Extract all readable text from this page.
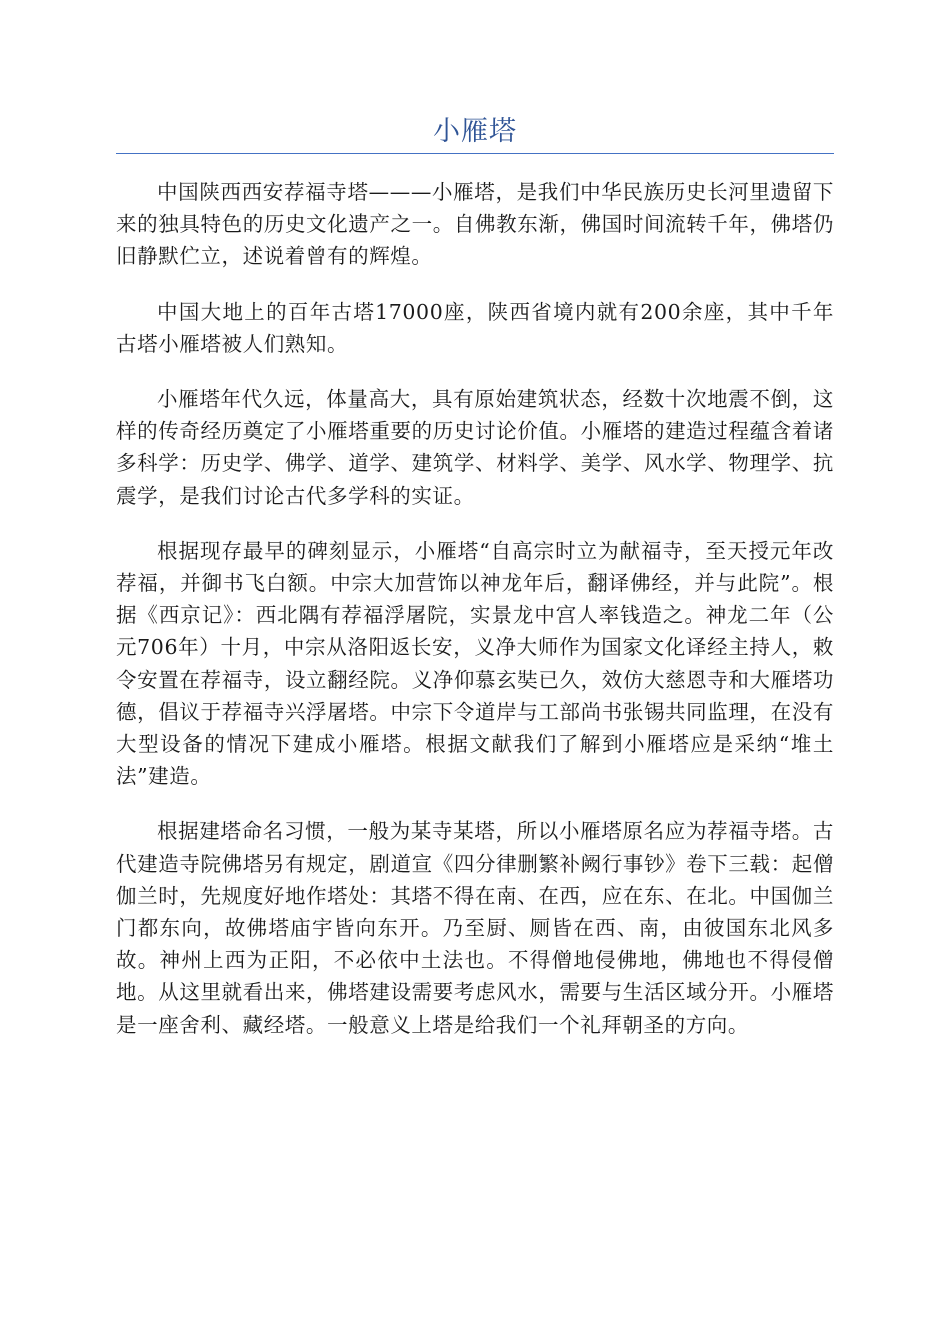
小雁塔

中国陕西西安荐福寺塔———小雁塔，是我们中华民族历史长河里遗留下来的独具特色的历史文化遗产之一。自佛教东渐，佛国时间流转千年，佛塔仍旧静默伫立，述说着曾有的辉煌。

中国大地上的百年古塔17000座，陕西省境内就有200余座，其中千年古塔小雁塔被人们熟知。

小雁塔年代久远，体量高大，具有原始建筑状态，经数十次地震不倒，这样的传奇经历奠定了小雁塔重要的历史讨论价值。小雁塔的建造过程蕴含着诸多科学：历史学、佛学、道学、建筑学、材料学、美学、风水学、物理学、抗震学，是我们讨论古代多学科的实证。

根据现存最早的碑刻显示，小雁塔“自高宗时立为献福寺，至天授元年改荐福，并御书飞白额。中宗大加营饰以神龙年后，翻译佛经，并与此院”。根据《西京记》：西北隅有荐福浮屠院，实景龙中宫人率钱造之。神龙二年（公元706年）十月，中宗从洛阳返长安，义净大师作为国家文化译经主持人，敕令安置在荐福寺，设立翻经院。义净仰慕玄奘已久，效仿大慈恩寺和大雁塔功德，倡议于荐福寺兴浮屠塔。中宗下令道岸与工部尚书张锡共同监理，在没有大型设备的情况下建成小雁塔。根据文献我们了解到小雁塔应是采纳“堆土法”建造。

根据建塔命名习惯，一般为某寺某塔，所以小雁塔原名应为荐福寺塔。古代建造寺院佛塔另有规定，剧道宣《四分律删繁补阙行事钞》卷下三载：起僧伽兰时，先规度好地作塔处：其塔不得在南、在西，应在东、在北。中国伽兰门都东向，故佛塔庙宇皆向东开。乃至厨、厕皆在西、南，由彼国东北风多故。神州上西为正阳，不必依中土法也。不得僧地侵佛地，佛地也不得侵僧地。从这里就看出来，佛塔建设需要考虑风水，需要与生活区域分开。小雁塔是一座舍利、藏经塔。一般意义上塔是给我们一个礼拜朝圣的方向。
